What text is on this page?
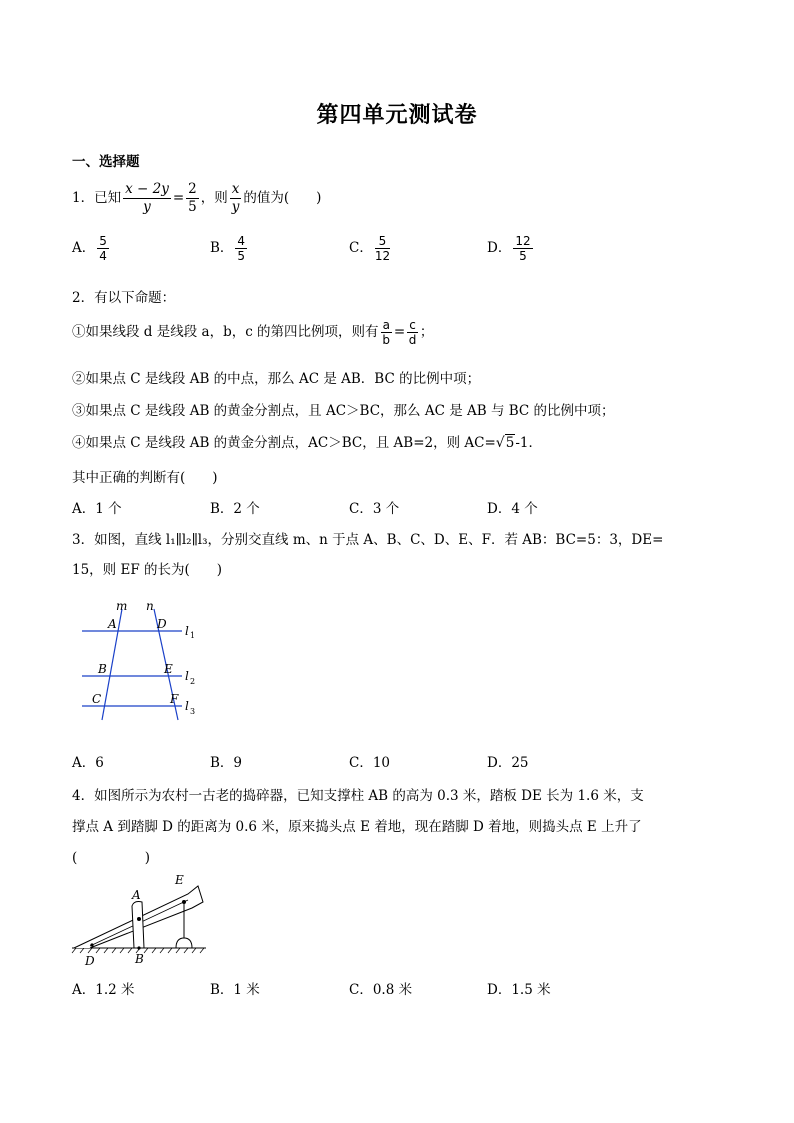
第四单元测试卷
一、选择题
1．已知 $\frac{x - 2y}{y} = \frac{2}{5}$ ，则 $\frac{x}{y}$ 的值为(　　)
A． $\frac{5}{4}$	B． $\frac{4}{5}$	C． $\frac{5}{12}$	D． $\frac{12}{5}$
2．有以下命题：
①如果线段 d 是线段 a，b，c 的第四比例项，则有 $\frac{a}{b} = \frac{c}{d}$ ；
②如果点 C 是线段 AB 的中点，那么 AC 是 AB．BC 的比例中项；
③如果点 C 是线段 AB 的黄金分割点，且 AC＞BC，那么 AC 是 AB 与 BC 的比例中项；
④如果点 C 是线段 AB 的黄金分割点，AC＞BC，且 AB=2，则 AC=√5-1．
其中正确的判断有(　　)
A．1 个	B．2 个	C．3 个	D．4 个
3．如图，直线 l₁∥l₂∥l₃，分别交直线 m、n 于点 A、B、C、D、E、F．若 AB：BC=5：3，DE=
15，则 EF 的长为(　　)
m n
A	D
B	E
C	F
l 1
l 2
l 3
A．6	B．9	C．10	D．25
4．如图所示为农村一古老的捣碎器，已知支撑柱 AB 的高为 0.3 米，踏板 DE 长为 1.6 米，支
撑点 A 到踏脚 D 的距离为 0.6 米，原来捣头点 E 着地，现在踏脚 D 着地，则捣头点 E 上升了
(　　　　　)
A
E
D	B
A．1.2 米	B．1 米	C．0.8 米	D．1.5 米
